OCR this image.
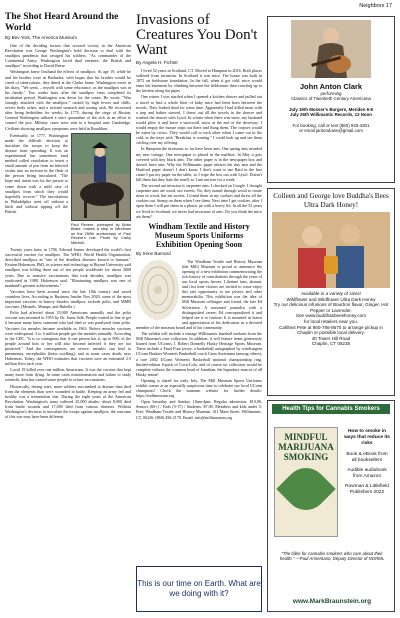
Neighbors 17
The Shot Heard Around the World
By Bev York, The America Museum

One of the deciding factors that secured victory in the American Revolution was George Washington's bold decision to deal with the smallpox pandemic that ravaged his soldiers. "As commander of the Continental Army, Washington faced dual enemies: the British and smallpox" according to David Reese.

Washington knew firsthand the effects of smallpox. At age 19, while he and his brother were in Barbados, with hopes that his brother would be cured of tuberculosis, they dined at the Clarke home. Washington wrote in his diary, "We went, – myself with some reluctance, as the smallpox was in his family." Two weeks later, after the smallpox virus completed its incubation period, Washington was down for the count. He wrote, "Was strongly attacked with the smallpox," racked by high fevers and chills, severe body aches, and a twisted stomach and oozing rash. He recovered after being bedridden for weeks. In 1775, during the siege of Boston, General Washington utilized a strict quarantine of the sick in an effort to control the pox. Military cases were sent to a hospital near Cambridge. Civilians showing smallpox symptoms were held in Brookline.

Eventually, in 1777, Washington made the difficult decision to inoculate the troops to keep the disease from spreading. It was an experimental but sometimes fatal method called variolation to insert a small amount of pus from an infected victim into an incision in the flesh of the person being inoculated. "The hope and intent was for the person to come down with a mild case of smallpox from which they would hopefully recover." The inoculations in Philadelphia went off without a hitch and without tipping off the British.

Paul Revere, portrayed by Brian Blake, makes a stop in Windham on the 250th anniversary of Paul Revere's ride. Photo by Cathy Mitchell.

Twenty years later, in 1796, Edward Jenner developed the world's first successful vaccine for smallpox. The WHO, World Health Organization, described smallpox as "one of the deadliest diseases known to humans." Kristen Hokenson, PhD, in science and technology at Bryant University said smallpox was killing three out of ten people worldwide for about 3000 years. Due to massive vaccinations that took decades, smallpox was eradicated in 1980. Hokenson said, "Eliminating smallpox was one of mankind's greatest achievements."

Vaccines have been around since the late 18th century and saved countless lives. According to Business Insider Nov 2020, some of the most important vaccines in history besides smallpox, include polio, and MMR vaccines. (Measels, Mumps, and Rubella.)

Polio had affected about 35,000 Americans annually and the polio vaccine was invented in 1955 by Dr. Jonas Salk. People waited in line to get it because many knew someone who had died or was paralyzed from polio. Vaccines for measles became available in 1963. Before measles vaccines were widespread, 3 to 4 million people got the measles annually. According to the CDC, "It is so contagious that if one person has it, up to 90% of the people around him or her will also become infected if they are not protected." And the consequences are severe: measles can lead to pneumonia, encephalitis (brain swelling), and in some cases death, says Hokenson. Today, the WHO estimates that vaccines save an estimated 2.5 million lives each year.

Covid 19 killed over one million Americans. It was the vaccine that kept many more from dying. In some cases misinformation and failure to study scientific data has caused some people to refuse vaccinations.

Historically, during wars, more soldiers succumbed to disease than died from the elements than were wounded in battle. Keeping an army fed and healthy was a tremendous feat. During the eight years of the American Revolution, Washington's army suffered 25,000 deaths: about 8,000 died from battle wounds and 17,000 died from various diseases. Without Washington's decision to inoculate the troops against smallpox, the outcome of this war may have been different.

Invasions of Creatures You Don't Want
By Angela H. Fichter

I lived 52 years in Scotland, CT. Moved to Hampton in 2016. Both places suffered from invasions. In Scotland it was mice. The house was built in 1872 on fieldstone foundation. In the fall, when it got cold, mice would enter the basement by climbing between the fieldstones then crawling up to the kitchen along the pipes.

One winter I was startled when I opened a kitchen drawer and pulled out a towel to find a whole litter of baby mice had been born between the towels. They looked dead for some time. Apparently I had killed mom with a trap and babies starved. I threw out all the towels in the drawer and washed the drawer with Lysol. In winter when there was snow, my husband would plow it and leave a snowwall, snow at the end of the driveway. I would empty the mouse traps out there and flung them. The corpses would be eaten by crows. They would call to each other when I came out in the cold, in the trays with "Breakfast is coming." I could look up and see them circling over my offering.

In Hampton the invasions so far have been ants. One spring ants invaded my new cottage. One newspaper is placed in the mailbox. In May it gets covered with tiny black ants. The other paper is in the newspaper box and doesn't have ants. Why the Willimantic paper attracts the tiny ants and the Hartford paper doesn't I don't know. I don't want to use Raid in the box cause I put my paper on the table, so I wipe the box out with Lysol. Doesn't kill them but they hate the smell, so I am ant free for a week.

The second ant invasion is carpenter ants. I checked on Google. I thought carpenter ants ate wood, not sweets. No, they tunnel through wood to create nests in wood, but eat sweets. I found them in my cookies and threw all the cookies out. Stomp on them when I see them. Next time I get cookies, after I open them I will put them in a plastic jar with a heavy lid. In all the 52 years we lived in Scotland, we never had invasions of ants. Do you think the mice ate them?

Windham Textile and History Museum Sports Uniforms Exhibition Opening Soon
By Irene Barnard

The Windham Textile and History Museum (the Mill) Museum is proud to announce the opening of a new exhibition commemorating the rich history of contributions through the years of our local sports heroes. Lifetime fans, alumni, and first time visitors are invited to come enjoy this rare opportunity to see jerseys and other memorabilia. This exhibition was the idea of Mill Museum colleague and friend, the late Ed Silverstein. A seasoned journalist with a distinguished career, Ed conceptualized it and helped see it to fruition. It is mounted in honor and appreciation of his dedication as a devoted member of the museum board and of his community.

The exhibit will include a vintage Willimantic baseball uniform from the Mill Museum's own collection. In addition, it will feature items generously loaned from UConn's J. Robert Donnelly Husky Heritage Sports Museum. These include a Final Four jersey, a basketball autographed by windsurgent UConn Huskies Women's Basketball coach Geno Auriemma (among others), a rare 2002 UConn Women's Basketball national championship ring, limited-edition 6-pack of Coca-Cola, and of course no collection would be complete without the common head of Jonathan, the legendary mascot of all Husky teams!

Opening is slated for early July. The Mill Museum Sports Uniforms exhibit comes at an especially auspicious time to celebrate our local UConn champions! Check the museum website for further details: https://millmuseum.org

Open Saturday and Sunday 10am-4pm. Regular admission: $10.00, Seniors (60+) / Kids (5-17) / Students: $7.00, Members and kids under 5: Free. Windham Textile and History Museum, 411 Main Street, Willimantic, CT, 06226. (860) 456-2178. Email: info@millmuseum.org

This is our time on Earth. What are we doing with it?
John Anton Clark
performing
Classics of Twentieth Century Americana
July 19th Mosser's Burgers, Meriden 6-8
July 26th Willimantic Records, 12 Noon
For booking, call or text (860) 933-4301
or email jantondown@gmail.com
Colleen and George love Buddha's Bees Ultra Dark Honey!
Available in a variety of sizes!
Wildflower and Wildflower Ultra Dark Honey
Try our delicious infusions of Bourbon flavor, Ginger, Hot Pepper or Lavender.
See www.buddhasbeeshoney.com
for local retailers near you.
Call/text Pete at 860-786-8670 to arrange pickup in Chaplin or possible local delivery.
40 Tower Hill Road
Chaplin, CT 06235
Health Tips for Cannabis Smokers
MINDFUL MARIJUANA SMOKING
How to smoke in ways that reduce its risks
Book & eBook from all booksellers
Audible audiobook from Amazon
Rowman & Littlefield Publishers 2022
"The bible for cannabis smokers who care about their health." —Paul Armentano, Deputy Director of NORML
www.MarkBraunstein.org
